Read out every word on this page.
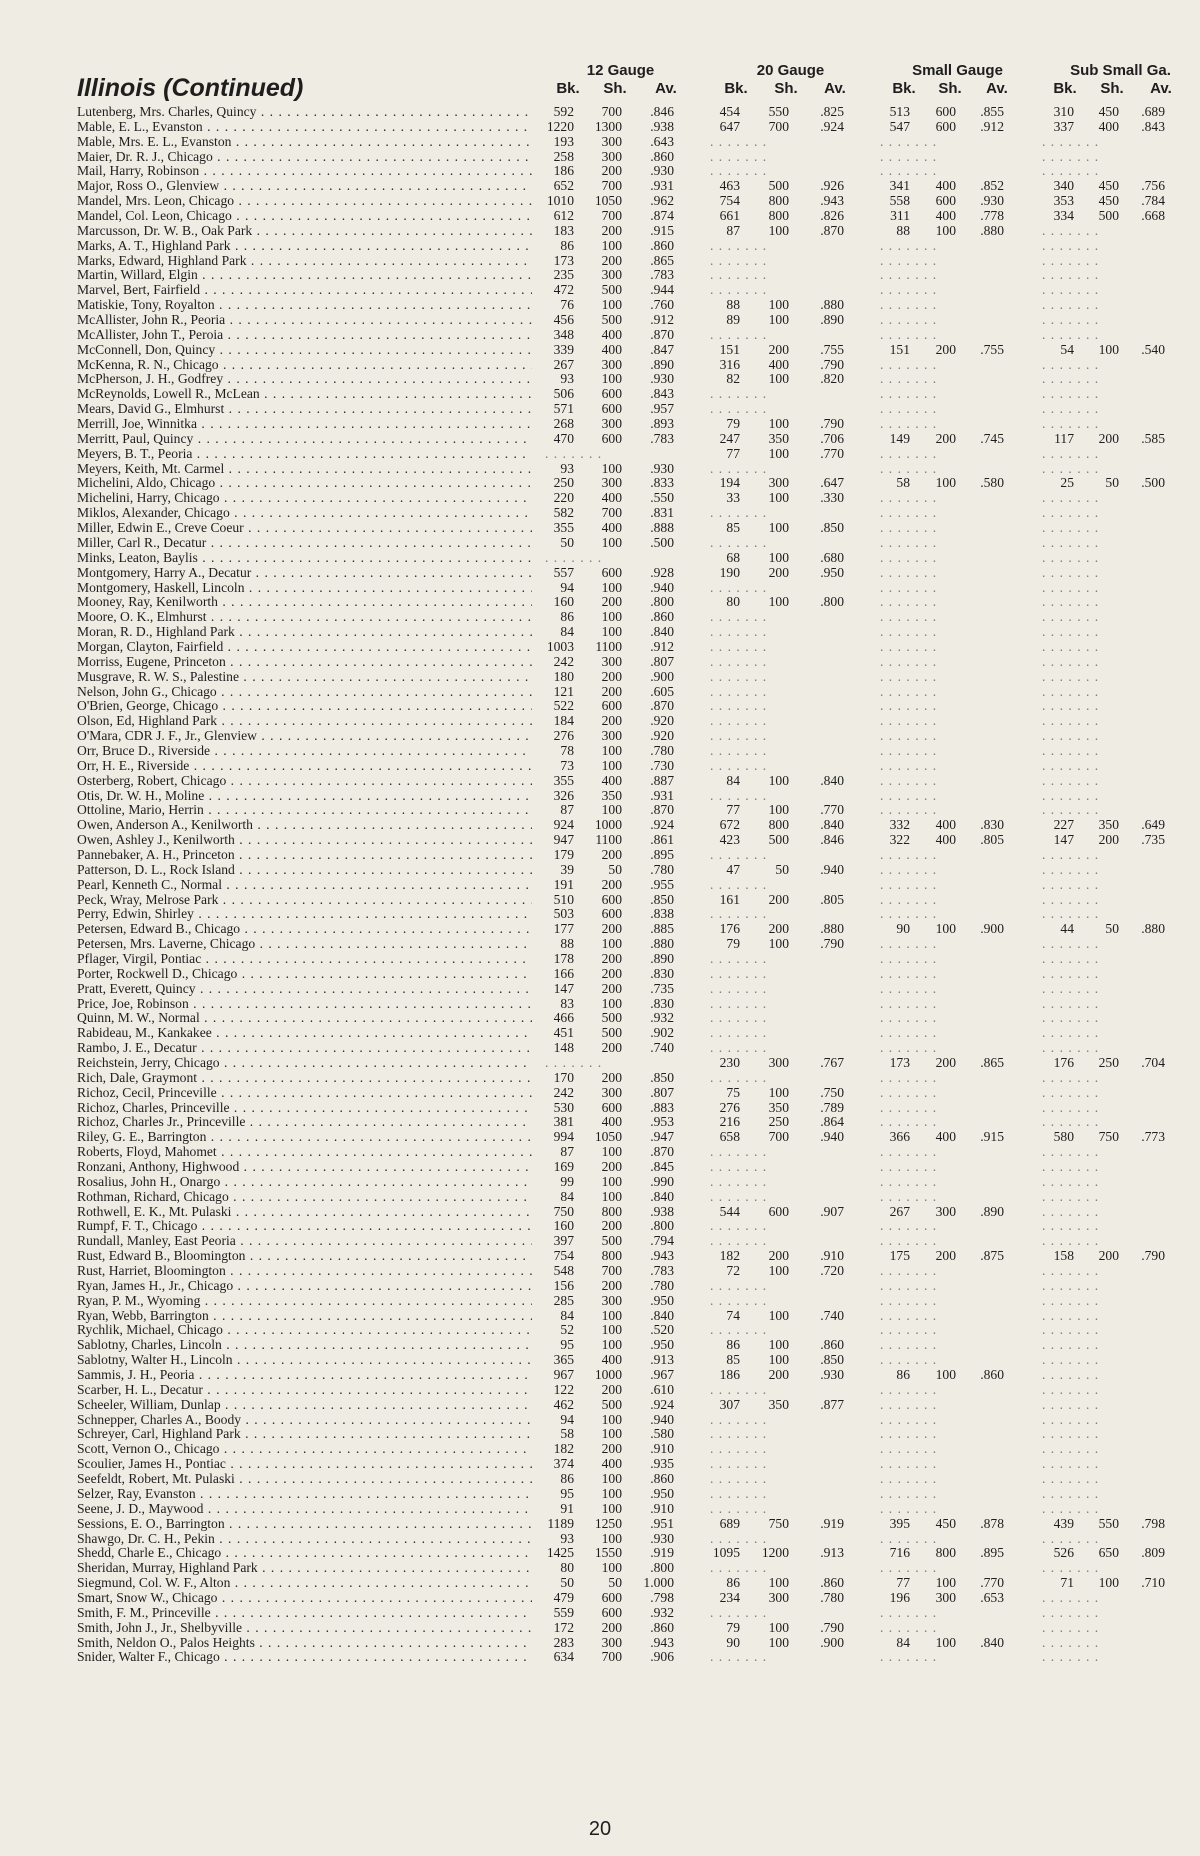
Illinois (Continued)
12 Gauge	20 Gauge	Small Gauge	Sub Small Ga.
Bk.	Sh.	Av.	Bk.	Sh.	Av.	Bk.	Sh.	Av.	Bk.	Sh.	Av.
Lutenberg, Mrs. Charles, Quincy . . .	592	700	.846	454	550	.825	513	600	.855	310	450	.689
Mable, E. L., Evanston . . .	1220	1300	.938	647	700	.924	547	600	.912	337	400	.843
Mable, Mrs. E. L., Evanston . . .	193	300	.643	. . . . . . .	. . . . . . .	. . . . . . .
Maier, Dr. R. J., Chicago . . .	258	300	.860	. . . . . . .	. . . . . . .	. . . . . . .
Mail, Harry, Robinson . . .	186	200	.930	. . . . . . .	. . . . . . .	. . . . . . .
Major, Ross O., Glenview . . .	652	700	.931	463	500	.926	341	400	.852	340	450	.756
Mandel, Mrs. Leon, Chicago . . .	1010	1050	.962	754	800	.943	558	600	.930	353	450	.784
Mandel, Col. Leon, Chicago . . .	612	700	.874	661	800	.826	311	400	.778	334	500	.668
Marcusson, Dr. W. B., Oak Park . . .	183	200	.915	87	100	.870	88	100	.880	. . . . . . .
Marks, A. T., Highland Park . . .	86	100	.860	. . . . . . .	. . . . . . .	. . . . . . .
Marks, Edward, Highland Park . . .	173	200	.865	. . . . . . .	. . . . . . .	. . . . . . .
Martin, Willard, Elgin . . .	235	300	.783	. . . . . . .	. . . . . . .	. . . . . . .
Marvel, Bert, Fairfield . . .	472	500	.944	. . . . . . .	. . . . . . .	. . . . . . .
Matiskie, Tony, Royalton . . .	76	100	.760	88	100	.880	. . . . . . .	. . . . . . .
McAllister, John R., Peoria . . .	456	500	.912	89	100	.890	. . . . . . .	. . . . . . .
McAllister, John T., Peroia . . .	348	400	.870	. . . . . . .	. . . . . . .	. . . . . . .
McConnell, Don, Quincy . . .	339	400	.847	151	200	.755	151	200	.755	54	100	.540
McKenna, R. N., Chicago . . .	267	300	.890	316	400	.790	. . . . . . .	. . . . . . .
McPherson, J. H., Godfrey . . .	93	100	.930	82	100	.820	. . . . . . .	. . . . . . .
McReynolds, Lowell R., McLean . . .	506	600	.843	. . . . . . .	. . . . . . .	. . . . . . .
Mears, David G., Elmhurst . . .	571	600	.957	. . . . . . .	. . . . . . .	. . . . . . .
Merrill, Joe, Winnitka . . .	268	300	.893	79	100	.790	. . . . . . .	. . . . . . .
Merritt, Paul, Quincy . . .	470	600	.783	247	350	.706	149	200	.745	117	200	.585
Meyers, B. T., Peoria . . .	. . . . . . .	77	100	.770	. . . . . . .	. . . . . . .
Meyers, Keith, Mt. Carmel . . .	93	100	.930	. . . . . . .	. . . . . . .	. . . . . . .
Michelini, Aldo, Chicago . . .	250	300	.833	194	300	.647	58	100	.580	25	50	.500
Michelini, Harry, Chicago . . .	220	400	.550	33	100	.330	. . . . . . .	. . . . . . .
Miklos, Alexander, Chicago . . .	582	700	.831	. . . . . . .	. . . . . . .	. . . . . . .
Miller, Edwin E., Creve Coeur . . .	355	400	.888	85	100	.850	. . . . . . .	. . . . . . .
Miller, Carl R., Decatur . . .	50	100	.500	. . . . . . .	. . . . . . .	. . . . . . .
Minks, Leaton, Baylis . . .	. . . . . . .	68	100	.680	. . . . . . .	. . . . . . .
Montgomery, Harry A., Decatur . . .	557	600	.928	190	200	.950	. . . . . . .	. . . . . . .
Montgomery, Haskell, Lincoln . . .	94	100	.940	. . . . . . .	. . . . . . .	. . . . . . .
Mooney, Ray, Kenilworth . . .	160	200	.800	80	100	.800	. . . . . . .	. . . . . . .
Moore, O. K., Elmhurst . . .	86	100	.860	. . . . . . .	. . . . . . .	. . . . . . .
Moran, R. D., Highland Park . . .	84	100	.840	. . . . . . .	. . . . . . .	. . . . . . .
Morgan, Clayton, Fairfield . . .	1003	1100	.912	. . . . . . .	. . . . . . .	. . . . . . .
Morriss, Eugene, Princeton . . .	242	300	.807	. . . . . . .	. . . . . . .	. . . . . . .
Musgrave, R. W. S., Palestine . . .	180	200	.900	. . . . . . .	. . . . . . .	. . . . . . .
Nelson, John G., Chicago . . .	121	200	.605	. . . . . . .	. . . . . . .	. . . . . . .
O'Brien, George, Chicago . . .	522	600	.870	. . . . . . .	. . . . . . .	. . . . . . .
Olson, Ed, Highland Park . . .	184	200	.920	. . . . . . .	. . . . . . .	. . . . . . .
O'Mara, CDR J. F., Jr., Glenview . . .	276	300	.920	. . . . . . .	. . . . . . .	. . . . . . .
Orr, Bruce D., Riverside . . .	78	100	.780	. . . . . . .	. . . . . . .	. . . . . . .
Orr, H. E., Riverside . . .	73	100	.730	. . . . . . .	. . . . . . .	. . . . . . .
Osterberg, Robert, Chicago . . .	355	400	.887	84	100	.840	. . . . . . .	. . . . . . .
Otis, Dr. W. H., Moline . . .	326	350	.931	. . . . . . .	. . . . . . .	. . . . . . .
Ottoline, Mario, Herrin . . .	87	100	.870	77	100	.770	. . . . . . .	. . . . . . .
Owen, Anderson A., Kenilworth . . .	924	1000	.924	672	800	.840	332	400	.830	227	350	.649
Owen, Ashley J., Kenilworth . . .	947	1100	.861	423	500	.846	322	400	.805	147	200	.735
Pannebaker, A. H., Princeton . . .	179	200	.895	. . . . . . .	. . . . . . .	. . . . . . .
Patterson, D. L., Rock Island . . .	39	50	.780	47	50	.940	. . . . . . .	. . . . . . .
Pearl, Kenneth C., Normal . . .	191	200	.955	. . . . . . .	. . . . . . .	. . . . . . .
Peck, Wray, Melrose Park . . .	510	600	.850	161	200	.805	. . . . . . .	. . . . . . .
Perry, Edwin, Shirley . . .	503	600	.838	. . . . . . .	. . . . . . .	. . . . . . .
Petersen, Edward B., Chicago . . .	177	200	.885	176	200	.880	90	100	.900	44	50	.880
Petersen, Mrs. Laverne, Chicago . . .	88	100	.880	79	100	.790	. . . . . . .	. . . . . . .
Pflager, Virgil, Pontiac . . .	178	200	.890	. . . . . . .	. . . . . . .	. . . . . . .
Porter, Rockwell D., Chicago . . .	166	200	.830	. . . . . . .	. . . . . . .	. . . . . . .
Pratt, Everett, Quincy . . .	147	200	.735	. . . . . . .	. . . . . . .	. . . . . . .
Price, Joe, Robinson . . .	83	100	.830	. . . . . . .	. . . . . . .	. . . . . . .
Quinn, M. W., Normal . . .	466	500	.932	. . . . . . .	. . . . . . .	. . . . . . .
Rabideau, M., Kankakee . . .	451	500	.902	. . . . . . .	. . . . . . .	. . . . . . .
Rambo, J. E., Decatur . . .	148	200	.740	. . . . . . .	. . . . . . .	. . . . . . .
Reichstein, Jerry, Chicago . . .	. . . . . . .	230	300	.767	173	200	.865	176	250	.704
Rich, Dale, Graymont . . .	170	200	.850	. . . . . . .	. . . . . . .	. . . . . . .
Richoz, Cecil, Princeville . . .	242	300	.807	75	100	.750	. . . . . . .	. . . . . . .
Richoz, Charles, Princeville . . .	530	600	.883	276	350	.789	. . . . . . .	. . . . . . .
Richoz, Charles Jr., Princeville . . .	381	400	.953	216	250	.864	. . . . . . .	. . . . . . .
Riley, G. E., Barrington . . .	994	1050	.947	658	700	.940	366	400	.915	580	750	.773
Roberts, Floyd, Mahomet . . .	87	100	.870	. . . . . . .	. . . . . . .	. . . . . . .
Ronzani, Anthony, Highwood . . .	169	200	.845	. . . . . . .	. . . . . . .	. . . . . . .
Rosalius, John H., Onargo . . .	99	100	.990	. . . . . . .	. . . . . . .	. . . . . . .
Rothman, Richard, Chicago . . .	84	100	.840	. . . . . . .	. . . . . . .	. . . . . . .
Rothwell, E. K., Mt. Pulaski . . .	750	800	.938	544	600	.907	267	300	.890	. . . . . . .
Rumpf, F. T., Chicago . . .	160	200	.800	. . . . . . .	. . . . . . .	. . . . . . .
Rundall, Manley, East Peoria . . .	397	500	.794	. . . . . . .	. . . . . . .	. . . . . . .
Rust, Edward B., Bloomington . . .	754	800	.943	182	200	.910	175	200	.875	158	200	.790
Rust, Harriet, Bloomington . . .	548	700	.783	72	100	.720	. . . . . . .	. . . . . . .
Ryan, James H., Jr., Chicago . . .	156	200	.780	. . . . . . .	. . . . . . .	. . . . . . .
Ryan, P. M., Wyoming . . .	285	300	.950	. . . . . . .	. . . . . . .	. . . . . . .
Ryan, Webb, Barrington . . .	84	100	.840	74	100	.740	. . . . . . .	. . . . . . .
Rychlik, Michael, Chicago . . .	52	100	.520	. . . . . . .	. . . . . . .	. . . . . . .
Sablotny, Charles, Lincoln . . .	95	100	.950	86	100	.860	. . . . . . .	. . . . . . .
Sablotny, Walter H., Lincoln . . .	365	400	.913	85	100	.850	. . . . . . .	. . . . . . .
Sammis, J. H., Peoria . . .	967	1000	.967	186	200	.930	86	100	.860	. . . . . . .
Scarber, H. L., Decatur . . .	122	200	.610	. . . . . . .	. . . . . . .	. . . . . . .
Scheeler, William, Dunlap . . .	462	500	.924	307	350	.877	. . . . . . .	. . . . . . .
Schnepper, Charles A., Boody . . .	94	100	.940	. . . . . . .	. . . . . . .	. . . . . . .
Schreyer, Carl, Highland Park . . .	58	100	.580	. . . . . . .	. . . . . . .	. . . . . . .
Scott, Vernon O., Chicago . . .	182	200	.910	. . . . . . .	. . . . . . .	. . . . . . .
Scoulier, James H., Pontiac . . .	374	400	.935	. . . . . . .	. . . . . . .	. . . . . . .
Seefeldt, Robert, Mt. Pulaski . . .	86	100	.860	. . . . . . .	. . . . . . .	. . . . . . .
Selzer, Ray, Evanston . . .	95	100	.950	. . . . . . .	. . . . . . .	. . . . . . .
Seene, J. D., Maywood . . .	91	100	.910	. . . . . . .	. . . . . . .	. . . . . . .
Sessions, E. O., Barrington . . .	1189	1250	.951	689	750	.919	395	450	.878	439	550	.798
Shawgo, Dr. C. H., Pekin . . .	93	100	.930	. . . . . . .	. . . . . . .	. . . . . . .
Shedd, Charle E., Chicago . . .	1425	1550	.919	1095	1200	.913	716	800	.895	526	650	.809
Sheridan, Murray, Highland Park . . .	80	100	.800	. . . . . . .	. . . . . . .	. . . . . . .
Siegmund, Col. W. F., Alton . . .	50	50	1.000	86	100	.860	77	100	.770	71	100	.710
Smart, Snow W., Chicago . . .	479	600	.798	234	300	.780	196	300	.653	. . . . . . .
Smith, F. M., Princeville . . .	559	600	.932	. . . . . . .	. . . . . . .	. . . . . . .
Smith, John J., Jr., Shelbyville . . .	172	200	.860	79	100	.790	. . . . . . .	. . . . . . .
Smith, Neldon O., Palos Heights . . .	283	300	.943	90	100	.900	84	100	.840	. . . . . . .
Snider, Walter F., Chicago . . .	634	700	.906	. . . . . . .	. . . . . . .	. . . . . . .
20
